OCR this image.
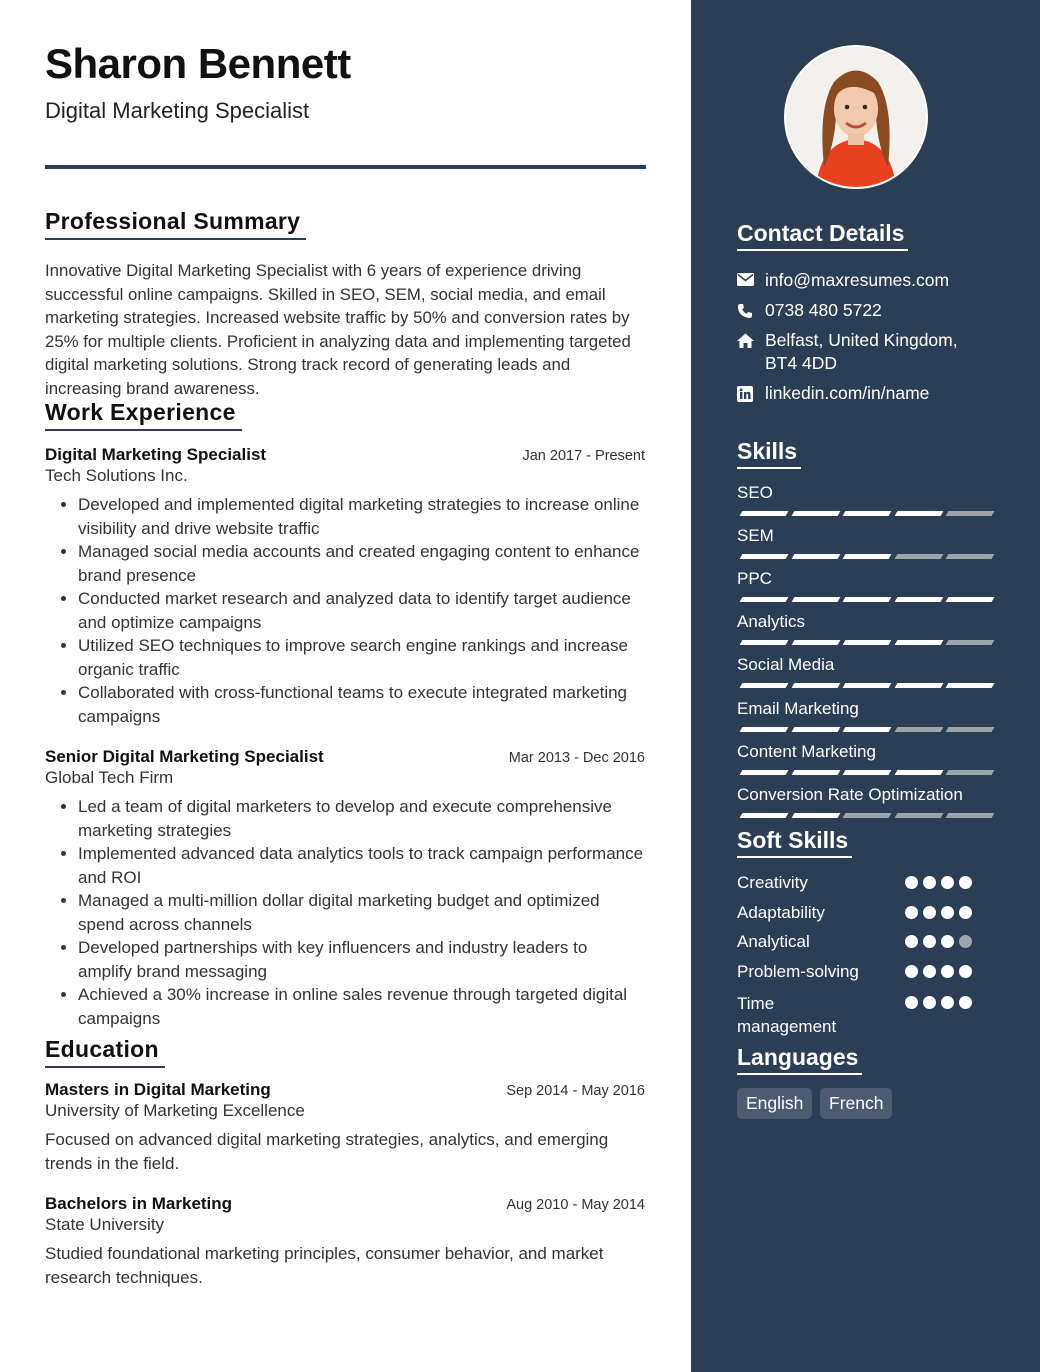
Sharon Bennett
Digital Marketing Specialist
Professional Summary

Innovative Digital Marketing Specialist with 6 years of experience driving successful online campaigns. Skilled in SEO, SEM, social media, and email marketing strategies. Increased website traffic by 50% and conversion rates by 25% for multiple clients. Proficient in analyzing data and implementing targeted digital marketing solutions. Strong track record of generating leads and increasing brand awareness.

Work Experience
Digital Marketing Specialist	Jan 2017 - Present
Tech Solutions Inc.
• Developed and implemented digital marketing strategies to increase online visibility and drive website traffic
• Managed social media accounts and created engaging content to enhance brand presence
• Conducted market research and analyzed data to identify target audience and optimize campaigns
• Utilized SEO techniques to improve search engine rankings and increase organic traffic
• Collaborated with cross-functional teams to execute integrated marketing campaigns
Senior Digital Marketing Specialist	Mar 2013 - Dec 2016
Global Tech Firm
• Led a team of digital marketers to develop and execute comprehensive marketing strategies
• Implemented advanced data analytics tools to track campaign performance and ROI
• Managed a multi-million dollar digital marketing budget and optimized spend across channels
• Developed partnerships with key influencers and industry leaders to amplify brand messaging
• Achieved a 30% increase in online sales revenue through targeted digital campaigns
Education
Masters in Digital Marketing	Sep 2014 - May 2016
University of Marketing Excellence

Focused on advanced digital marketing strategies, analytics, and emerging trends in the field.

Bachelors in Marketing	Aug 2010 - May 2014
State University

Studied foundational marketing principles, consumer behavior, and market research techniques.

Contact Details
info@maxresumes.com
0738 480 5722
Belfast, United Kingdom,
BT4 4DD
linkedin.com/in/name
Skills
SEO
SEM
PPC
Analytics
Social Media
Email Marketing
Content Marketing
Conversion Rate Optimization
Soft Skills
Creativity
Adaptability
Analytical
Problem-solving
Time
management
Languages
English	French
